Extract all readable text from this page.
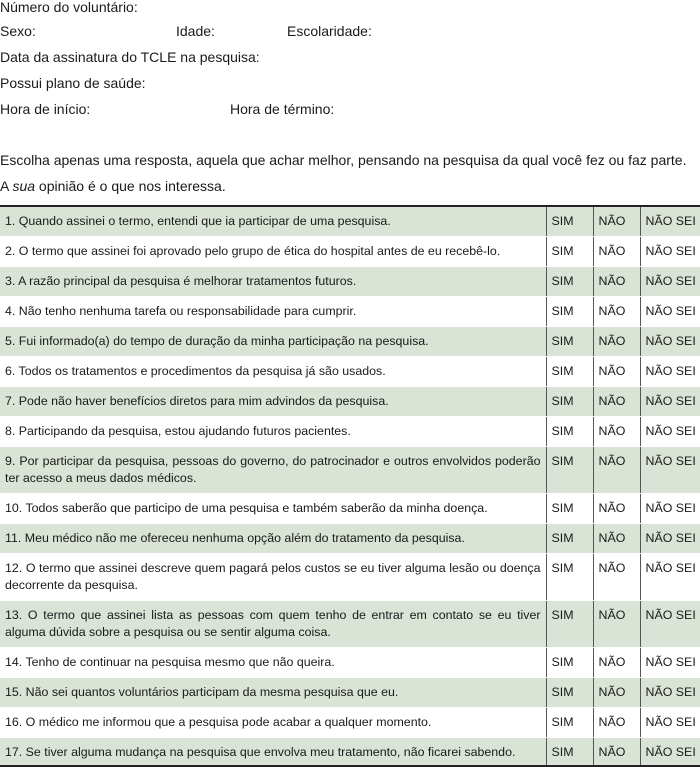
Número do voluntário:
Sexo:	Idade:	Escolaridade:
Data da assinatura do TCLE na pesquisa:
Possui plano de saúde:
Hora de início:	Hora de término:
Escolha apenas uma resposta, aquela que achar melhor, pensando na pesquisa da qual você fez ou faz parte.
A sua opinião é o que nos interessa.
1. Quando assinei o termo, entendi que ia participar de uma pesquisa.	SIM	NÃO	NÃO SEI
2. O termo que assinei foi aprovado pelo grupo de ética do hospital antes de eu recebê-lo.	SIM	NÃO	NÃO SEI
3. A razão principal da pesquisa é melhorar tratamentos futuros.	SIM	NÃO	NÃO SEI
4. Não tenho nenhuma tarefa ou responsabilidade para cumprir.	SIM	NÃO	NÃO SEI
5. Fui informado(a) do tempo de duração da minha participação na pesquisa.	SIM	NÃO	NÃO SEI
6. Todos os tratamentos e procedimentos da pesquisa já são usados.	SIM	NÃO	NÃO SEI
7. Pode não haver benefícios diretos para mim advindos da pesquisa.	SIM	NÃO	NÃO SEI
8. Participando da pesquisa, estou ajudando futuros pacientes.	SIM	NÃO	NÃO SEI
9. Por participar da pesquisa, pessoas do governo, do patrocinador e outros envolvidos poderão ter acesso a meus dados médicos.	SIM	NÃO	NÃO SEI
10. Todos saberão que participo de uma pesquisa e também saberão da minha doença.	SIM	NÃO	NÃO SEI
11. Meu médico não me ofereceu nenhuma opção além do tratamento da pesquisa.	SIM	NÃO	NÃO SEI
12. O termo que assinei descreve quem pagará pelos custos se eu tiver alguma lesão ou doença decorrente da pesquisa.	SIM	NÃO	NÃO SEI
13. O termo que assinei lista as pessoas com quem tenho de entrar em contato se eu tiver alguma dúvida sobre a pesquisa ou se sentir alguma coisa.	SIM	NÃO	NÃO SEI
14. Tenho de continuar na pesquisa mesmo que não queira.	SIM	NÃO	NÃO SEI
15. Não sei quantos voluntários participam da mesma pesquisa que eu.	SIM	NÃO	NÃO SEI
16. O médico me informou que a pesquisa pode acabar a qualquer momento.	SIM	NÃO	NÃO SEI
17. Se tiver alguma mudança na pesquisa que envolva meu tratamento, não ficarei sabendo.	SIM	NÃO	NÃO SEI
